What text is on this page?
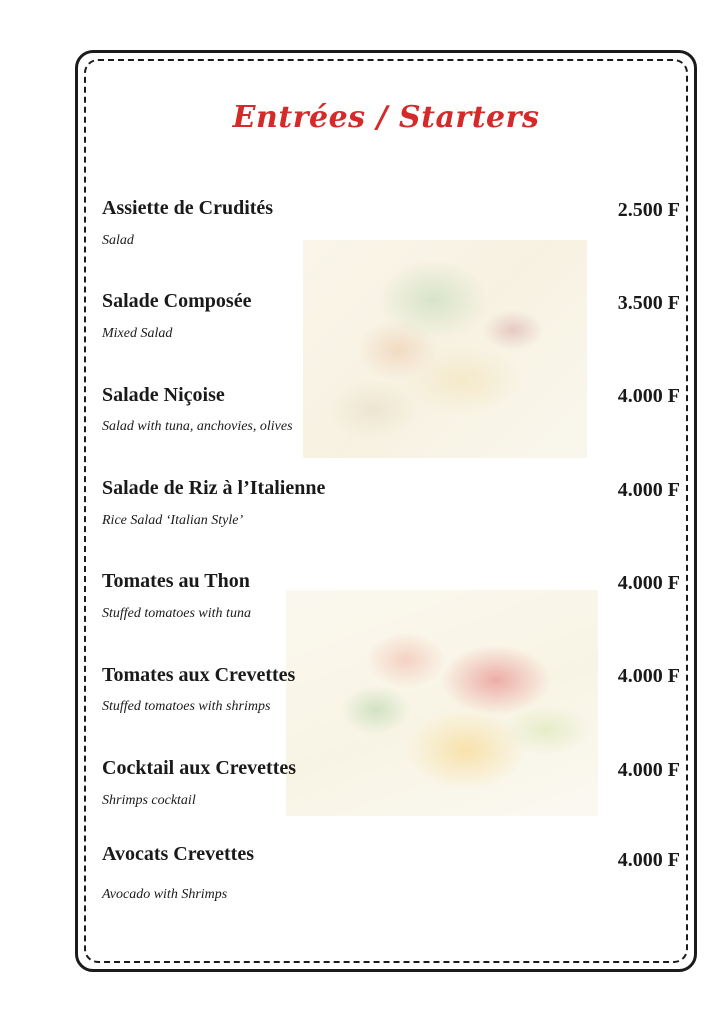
Entrées / Starters
Assiette de Crudités
Salad
2.500 F
Salade Composée
Mixed Salad
3.500 F
Salade Niçoise
Salad with tuna, anchovies, olives
4.000 F
Salade de Riz à l’Italienne
Rice Salad ‘Italian Style’
4.000 F
Tomates au Thon
Stuffed tomatoes with tuna
4.000 F
Tomates aux Crevettes
Stuffed tomatoes with shrimps
4.000 F
Cocktail aux Crevettes
Shrimps cocktail
4.000 F
Avocats Crevettes
Avocado with Shrimps
4.000 F
